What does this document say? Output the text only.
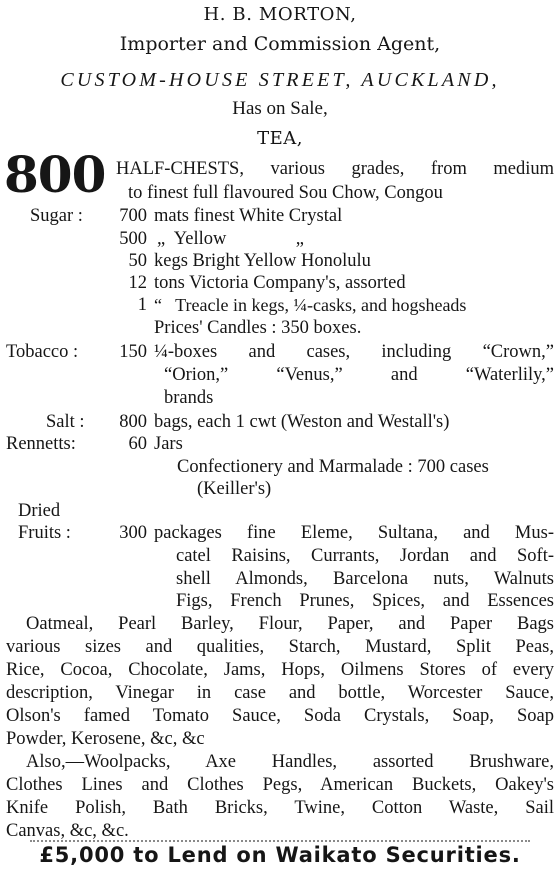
H. B. MORTON,
Importer and Commission Agent,
CUSTOM-HOUSE STREET, AUCKLAND,
Has on Sale,
TEA,
800 HALF-CHESTS, various grades, from medium
to finest full flavoured Sou Chow, Congou
Sugar :	700 mats finest White Crystal
500 „  Yellow               „
50 kegs Bright Yellow Honolulu
12 tons Victoria Company's, assorted
1 “   Treacle in kegs, ¼-casks, and hogsheads
Prices' Candles : 350 boxes.
Tobacco :	150 ¼-boxes and cases, including “Crown,”
“Orion,” “Venus,” and “Waterlily,”
brands
Salt :	800 bags, each 1 cwt (Weston and Westall's)
Rennetts:	60 Jars
Confectionery and Marmalade : 700 cases
(Keiller's)
Dried
Fruits :	300 packages fine Eleme, Sultana, and Mus-
catel Raisins, Currants, Jordan and Soft-
shell Almonds, Barcelona nuts, Walnuts
Figs, French Prunes, Spices, and Essences
Oatmeal, Pearl Barley, Flour, Paper, and Paper Bags
various sizes and qualities, Starch, Mustard, Split Peas,
Rice, Cocoa, Chocolate, Jams, Hops, Oilmens Stores of every
description, Vinegar in case and bottle, Worcester Sauce,
Olson's famed Tomato Sauce, Soda Crystals, Soap, Soap
Powder, Kerosene, &c, &c
Also,—Woolpacks, Axe Handles, assorted Brushware,
Clothes Lines and Clothes Pegs, American Buckets, Oakey's
Knife Polish, Bath Bricks, Twine, Cotton Waste, Sail
Canvas, &c, &c.
£5,000 to Lend on Waikato Securities.
